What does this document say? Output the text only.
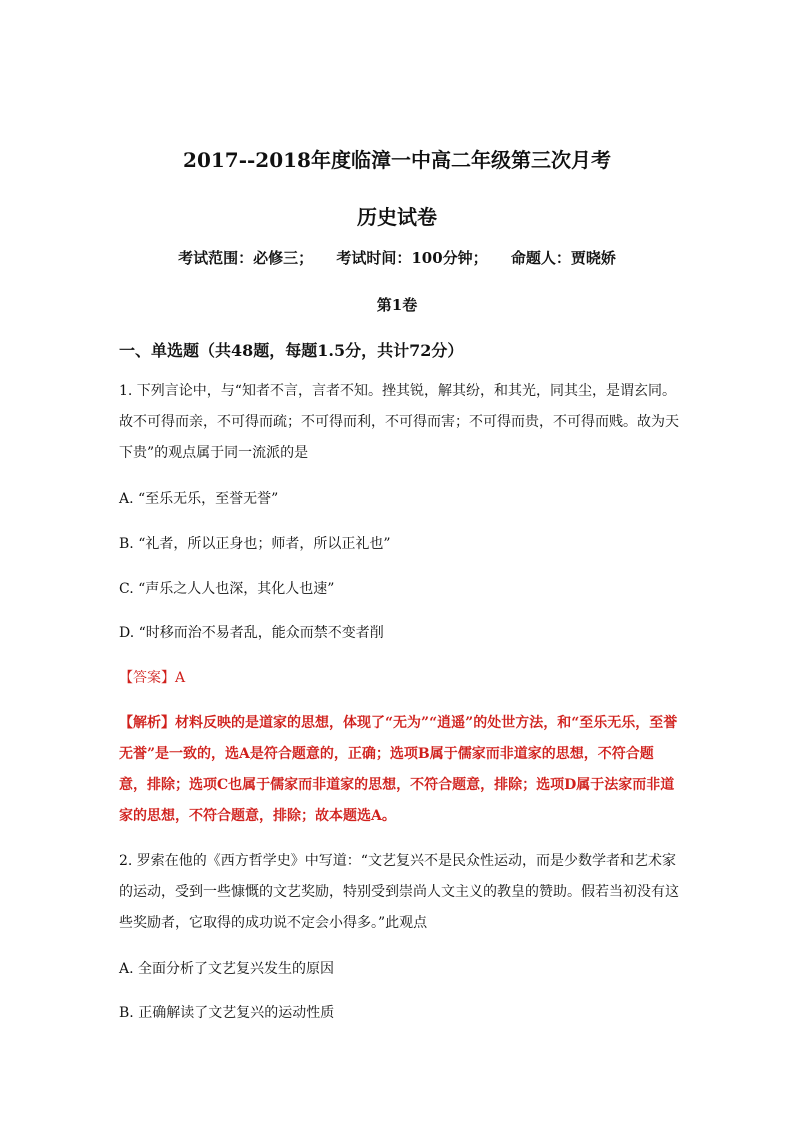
2017--2018年度临漳一中高二年级第三次月考
历史试卷
考试范围：必修三； 考试时间：100分钟； 命题人：贾晓娇
第1卷
一、单选题（共48题，每题1.5分，共计72分）
1. 下列言论中，与“知者不言，言者不知。挫其锐，解其纷，和其光，同其尘，是谓玄同。故不可得而亲，不可得而疏；不可得而利，不可得而害；不可得而贵，不可得而贱。故为天下贵”的观点属于同一流派的是
A. “至乐无乐，至誉无誉”
B. “礼者，所以正身也；师者，所以正礼也”
C. “声乐之人人也深，其化人也速”
D. “时移而治不易者乱，能众而禁不变者削
【答案】A
【解析】材料反映的是道家的思想，体现了“无为”“逍遥”的处世方法，和“至乐无乐，至誉无誉”是一致的，选A是符合题意的，正确；选项B属于儒家而非道家的思想，不符合题意，排除；选项C也属于儒家而非道家的思想，不符合题意，排除；选项D属于法家而非道家的思想，不符合题意，排除；故本题选A。
2. 罗索在他的《西方哲学史》中写道：“文艺复兴不是民众性运动，而是少数学者和艺术家的运动，受到一些慷慨的文艺奖励，特别受到崇尚人文主义的教皇的赞助。假若当初没有这些奖励者，它取得的成功说不定会小得多。”此观点
A. 全面分析了文艺复兴发生的原因
B. 正确解读了文艺复兴的运动性质
